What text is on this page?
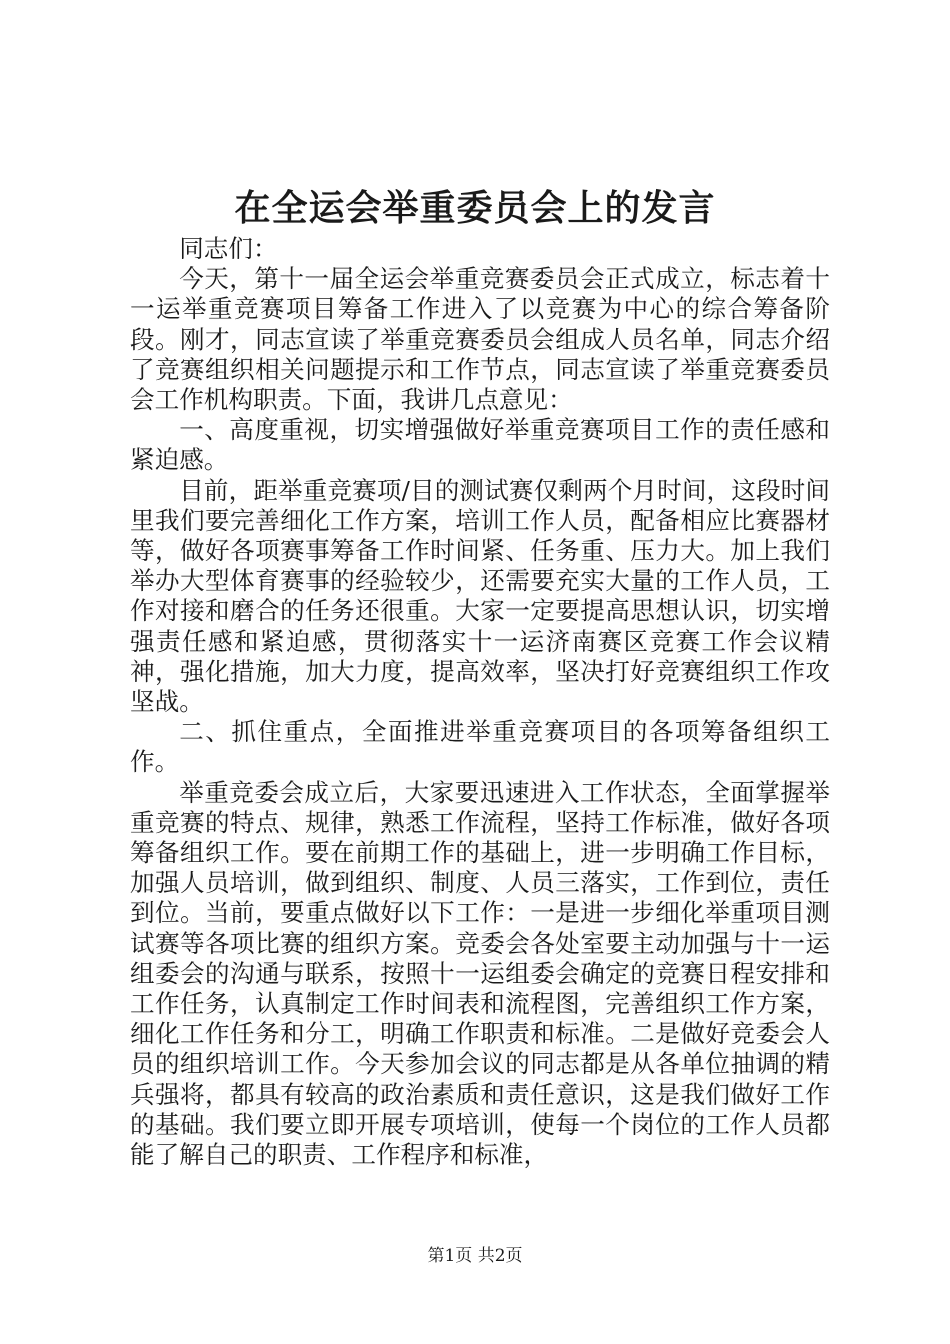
在全运会举重委员会上的发言

同志们：

今天，第十一届全运会举重竞赛委员会正式成立，标志着十一运举重竞赛项目筹备工作进入了以竞赛为中心的综合筹备阶段。刚才，同志宣读了举重竞赛委员会组成人员名单，同志介绍了竞赛组织相关问题提示和工作节点，同志宣读了举重竞赛委员会工作机构职责。下面，我讲几点意见：

一、高度重视，切实增强做好举重竞赛项目工作的责任感和紧迫感。

目前，距举重竞赛项/目的测试赛仅剩两个月时间，这段时间里我们要完善细化工作方案，培训工作人员，配备相应比赛器材等，做好各项赛事筹备工作时间紧、任务重、压力大。加上我们举办大型体育赛事的经验较少，还需要充实大量的工作人员，工作对接和磨合的任务还很重。大家一定要提高思想认识，切实增强责任感和紧迫感，贯彻落实十一运济南赛区竞赛工作会议精神，强化措施，加大力度，提高效率，坚决打好竞赛组织工作攻坚战。

二、抓住重点，全面推进举重竞赛项目的各项筹备组织工作。

举重竞委会成立后，大家要迅速进入工作状态，全面掌握举重竞赛的特点、规律，熟悉工作流程，坚持工作标准，做好各项筹备组织工作。要在前期工作的基础上，进一步明确工作目标，加强人员培训，做到组织、制度、人员三落实，工作到位，责任到位。当前，要重点做好以下工作：一是进一步细化举重项目测试赛等各项比赛的组织方案。竞委会各处室要主动加强与十一运组委会的沟通与联系，按照十一运组委会确定的竞赛日程安排和工作任务，认真制定工作时间表和流程图，完善组织工作方案，细化工作任务和分工，明确工作职责和标准。二是做好竞委会人员的组织培训工作。今天参加会议的同志都是从各单位抽调的精兵强将，都具有较高的政治素质和责任意识，这是我们做好工作的基础。我们要立即开展专项培训，使每一个岗位的工作人员都能了解自己的职责、工作程序和标准，

第1页 共2页
